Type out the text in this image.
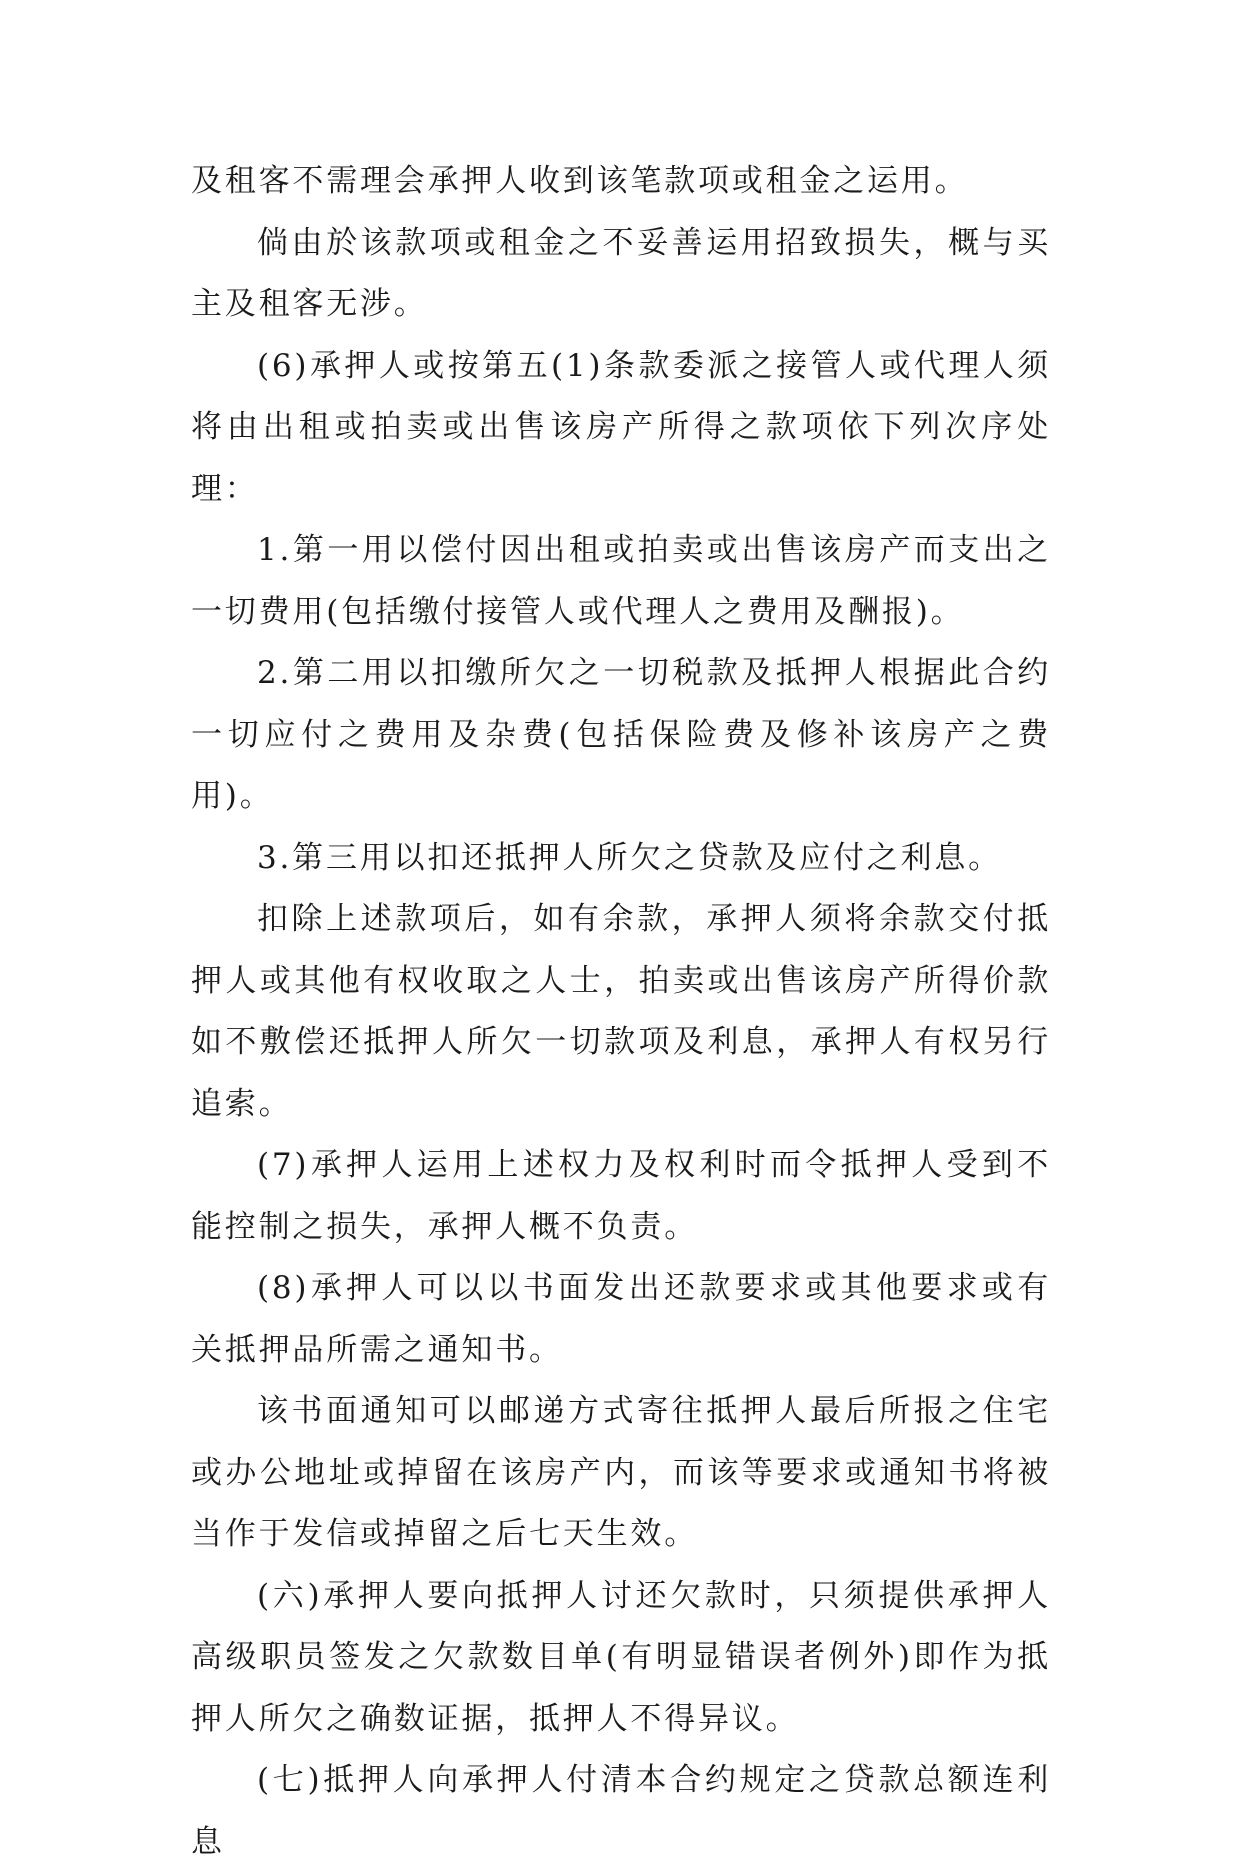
及租客不需理会承押人收到该笔款项或租金之运用。

倘由於该款项或租金之不妥善运用招致损失，概与买主及租客无涉。

(6)承押人或按第五(1)条款委派之接管人或代理人须将由出租或拍卖或出售该房产所得之款项依下列次序处理：

1.第一用以偿付因出租或拍卖或出售该房产而支出之一切费用(包括缴付接管人或代理人之费用及酬报)。

2.第二用以扣缴所欠之一切税款及抵押人根据此合约一切应付之费用及杂费(包括保险费及修补该房产之费用)。

3.第三用以扣还抵押人所欠之贷款及应付之利息。

扣除上述款项后，如有余款，承押人须将余款交付抵押人或其他有权收取之人士，拍卖或出售该房产所得价款如不敷偿还抵押人所欠一切款项及利息，承押人有权另行追索。

(7)承押人运用上述权力及权利时而令抵押人受到不能控制之损失，承押人概不负责。

(8)承押人可以以书面发出还款要求或其他要求或有关抵押品所需之通知书。

该书面通知可以邮递方式寄往抵押人最后所报之住宅或办公地址或掉留在该房产内，而该等要求或通知书将被当作于发信或掉留之后七天生效。

(六)承押人要向抵押人讨还欠款时，只须提供承押人高级职员签发之欠款数目单(有明显错误者例外)即作为抵押人所欠之确数证据，抵押人不得异议。

(七)抵押人向承押人付清本合约规定之贷款总额连利息
